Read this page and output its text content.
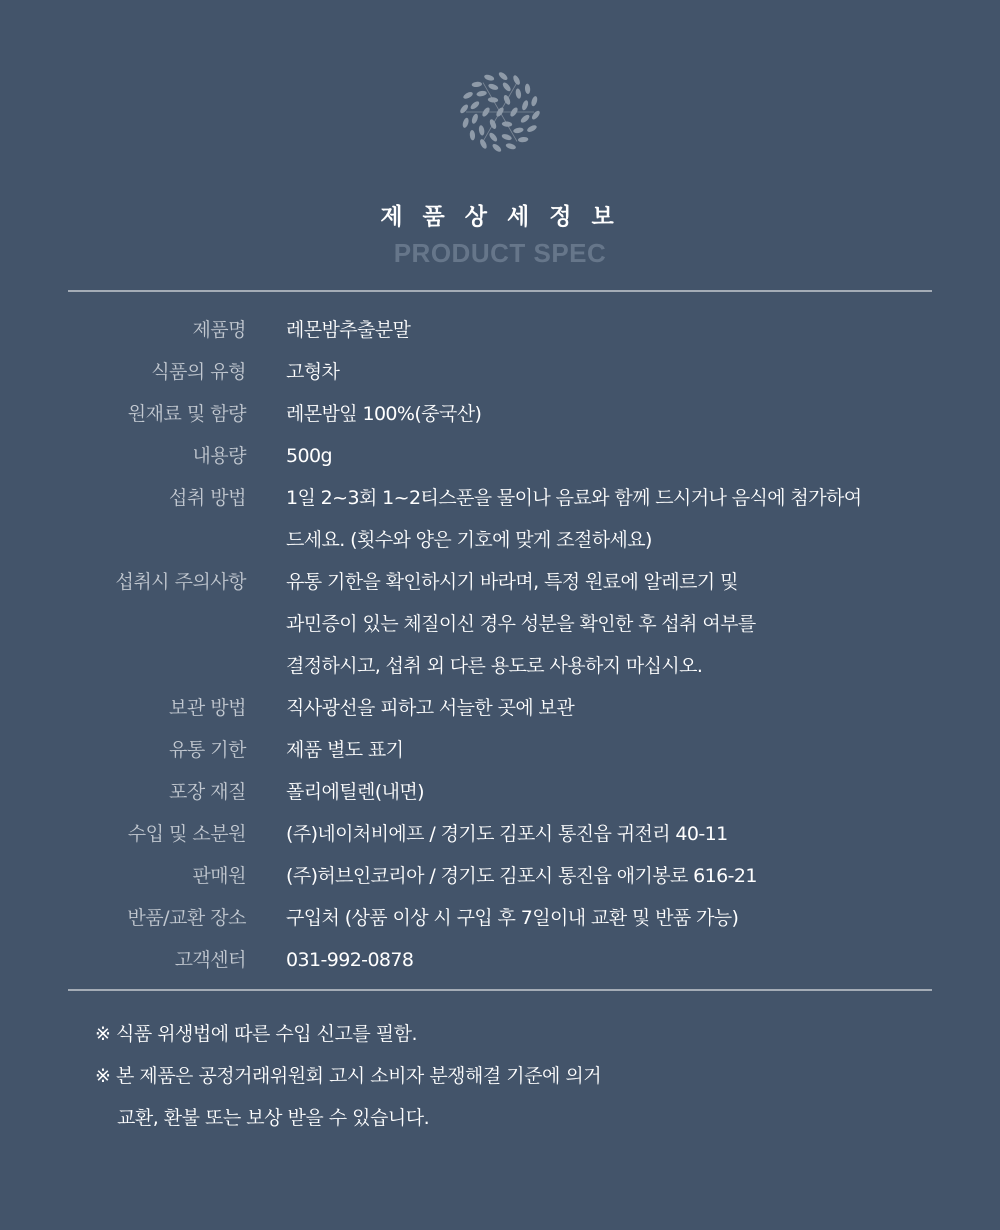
제 품 상 세 정 보
PRODUCT SPEC
제품명 레몬밤추출분말
식품의 유형 고형차
원재료 및 함량 레몬밤잎 100%(중국산)
내용량 500g
섭취 방법 1일 2~3회 1~2티스푼을 물이나 음료와 함께 드시거나 음식에 첨가하여
드세요. (횟수와 양은 기호에 맞게 조절하세요)
섭취시 주의사항 유통 기한을 확인하시기 바라며, 특정 원료에 알레르기 및
과민증이 있는 체질이신 경우 성분을 확인한 후 섭취 여부를
결정하시고, 섭취 외 다른 용도로 사용하지 마십시오.
보관 방법 직사광선을 피하고 서늘한 곳에 보관
유통 기한 제품 별도 표기
포장 재질 폴리에틸렌(내면)
수입 및 소분원 (주)네이처비에프 / 경기도 김포시 통진읍 귀전리 40-11
판매원 (주)허브인코리아 / 경기도 김포시 통진읍 애기봉로 616-21
반품/교환 장소 구입처 (상품 이상 시 구입 후 7일이내 교환 및 반품 가능)
고객센터 031-992-0878
※ 식품 위생법에 따른 수입 신고를 필함.
※ 본 제품은 공정거래위원회 고시 소비자 분쟁해결 기준에 의거
교환, 환불 또는 보상 받을 수 있습니다.
